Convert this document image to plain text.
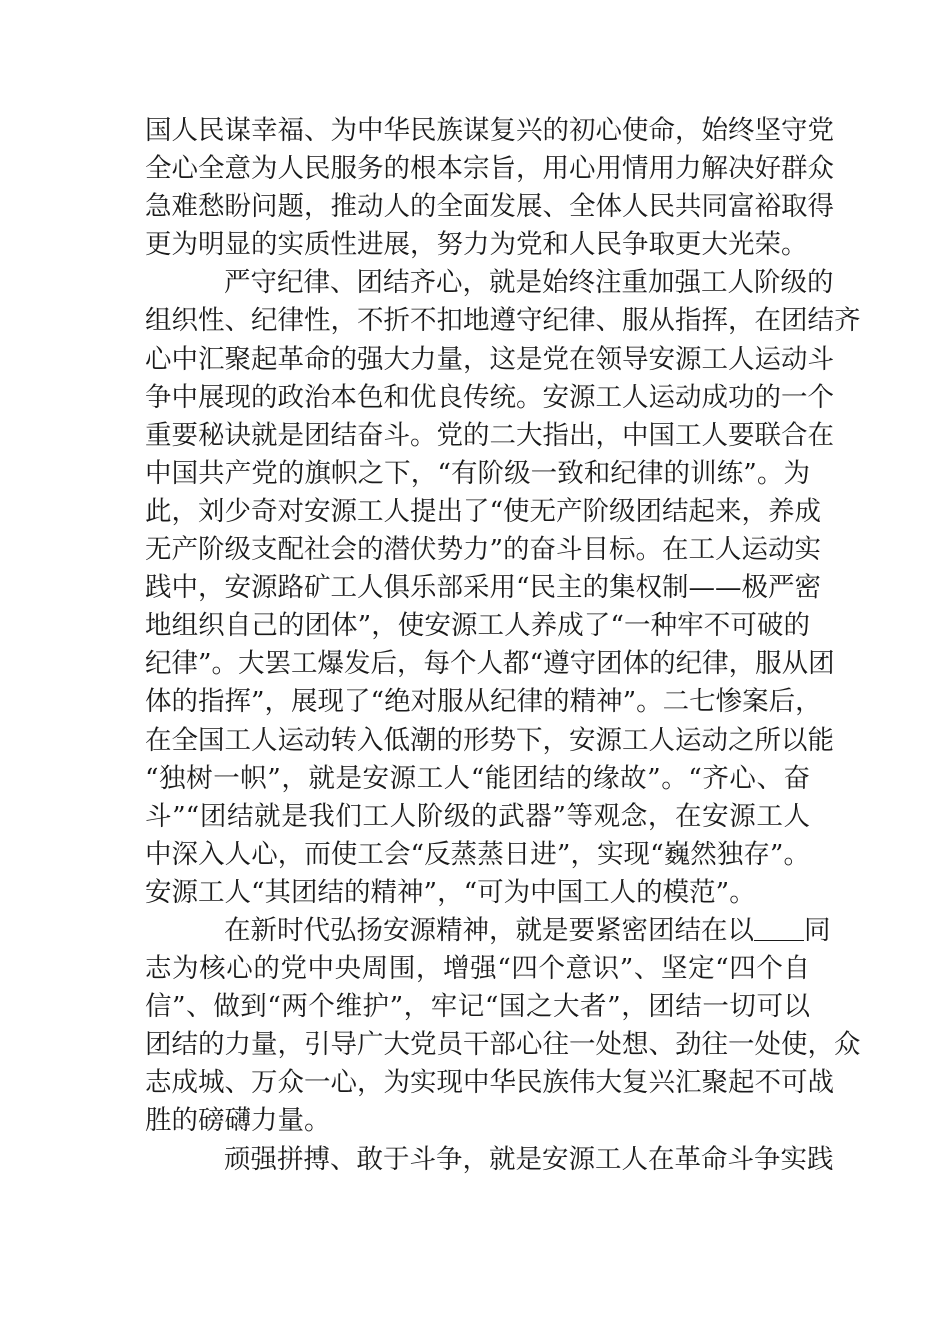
国人民谋幸福、为中华民族谋复兴的初心使命，始终坚守党
全心全意为人民服务的根本宗旨，用心用情用力解决好群众
急难愁盼问题，推动人的全面发展、全体人民共同富裕取得
更为明显的实质性进展，努力为党和人民争取更大光荣。
严守纪律、团结齐心，就是始终注重加强工人阶级的
组织性、纪律性，不折不扣地遵守纪律、服从指挥，在团结齐
心中汇聚起革命的强大力量，这是党在领导安源工人运动斗
争中展现的政治本色和优良传统。安源工人运动成功的一个
重要秘诀就是团结奋斗。党的二大指出，中国工人要联合在
中国共产党的旗帜之下，“有阶级一致和纪律的训练”。为
此，刘少奇对安源工人提出了“使无产阶级团结起来，养成
无产阶级支配社会的潜伏势力”的奋斗目标。在工人运动实
践中，安源路矿工人俱乐部采用“民主的集权制——极严密
地组织自己的团体”，使安源工人养成了“一种牢不可破的
纪律”。大罢工爆发后，每个人都“遵守团体的纪律，服从团
体的指挥”，展现了“绝对服从纪律的精神”。二七惨案后，
在全国工人运动转入低潮的形势下，安源工人运动之所以能
“独树一帜”，就是安源工人“能团结的缘故”。“齐心、奋
斗”“团结就是我们工人阶级的武器”等观念，在安源工人
中深入人心，而使工会“反蒸蒸日进”，实现“巍然独存”。
安源工人“其团结的精神”，“可为中国工人的模范”。
在新时代弘扬安源精神，就是要紧密团结在以 同
志为核心的党中央周围，增强“四个意识”、坚定“四个自
信”、做到“两个维护”，牢记“国之大者”，团结一切可以
团结的力量，引导广大党员干部心往一处想、劲往一处使，众
志成城、万众一心，为实现中华民族伟大复兴汇聚起不可战
胜的磅礴力量。
顽强拼搏、敢于斗争，就是安源工人在革命斗争实践
